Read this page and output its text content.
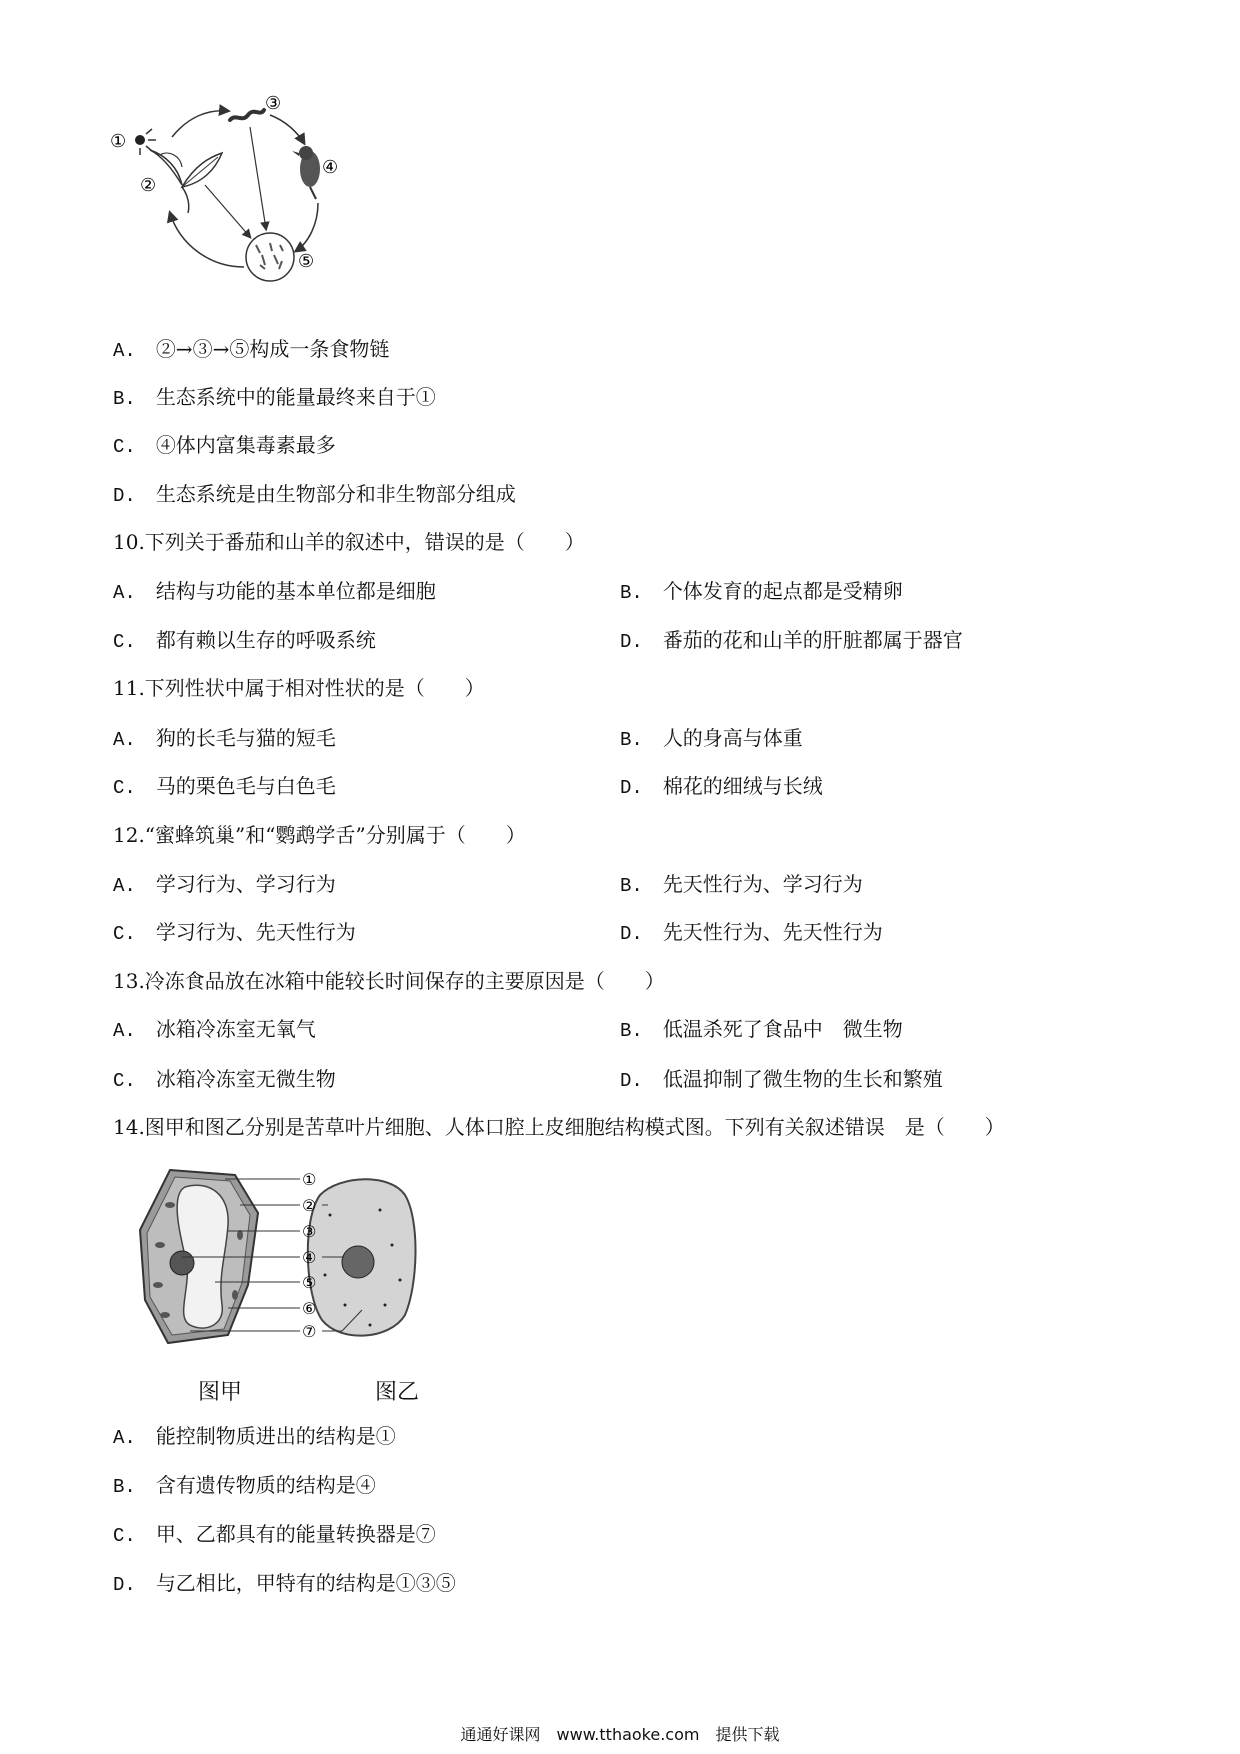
①
②
③
④
⑤
A.　 ②→③→⑤构成一条食物链
B.　 生态系统中的能量最终来自于①
C.　 ④体内富集毒素最多
D.　 生态系统是由生物部分和非生物部分组成
10.下列关于番茄和山羊的叙述中，错误的是（　　）
A.　 结构与功能的基本单位都是细胞	B.　 个体发育的起点都是受精卵
C.　 都有赖以生存的呼吸系统	D.　 番茄的花和山羊的肝脏都属于器官
11.下列性状中属于相对性状的是（　　）
A.　 狗的长毛与猫的短毛	B.　 人的身高与体重
C.　 马的栗色毛与白色毛	D.　 棉花的细绒与长绒
12.“蜜蜂筑巢”和“鹦鹉学舌”分别属于（　　）
A.　 学习行为、学习行为	B.　 先天性行为、学习行为
C.　 学习行为、先天性行为	D.　 先天性行为、先天性行为
13.冷冻食品放在冰箱中能较长时间保存的主要原因是（　　）
A.　 冰箱冷冻室无氧气	B.　 低温杀死了食品中　微生物
C.　 冰箱冷冻室无微生物	D.　 低温抑制了微生物的生长和繁殖
14.图甲和图乙分别是苦草叶片细胞、人体口腔上皮细胞结构模式图。下列有关叙述错误　是（　　）
①
②
③
④
⑤
⑥
⑦
图甲	图乙
A.　 能控制物质进出的结构是①
B.　 含有遗传物质的结构是④
C.　 甲、乙都具有的能量转换器是⑦
D.　 与乙相比，甲特有的结构是①③⑤
通通好课网　www.tthaoke.com　提供下载
